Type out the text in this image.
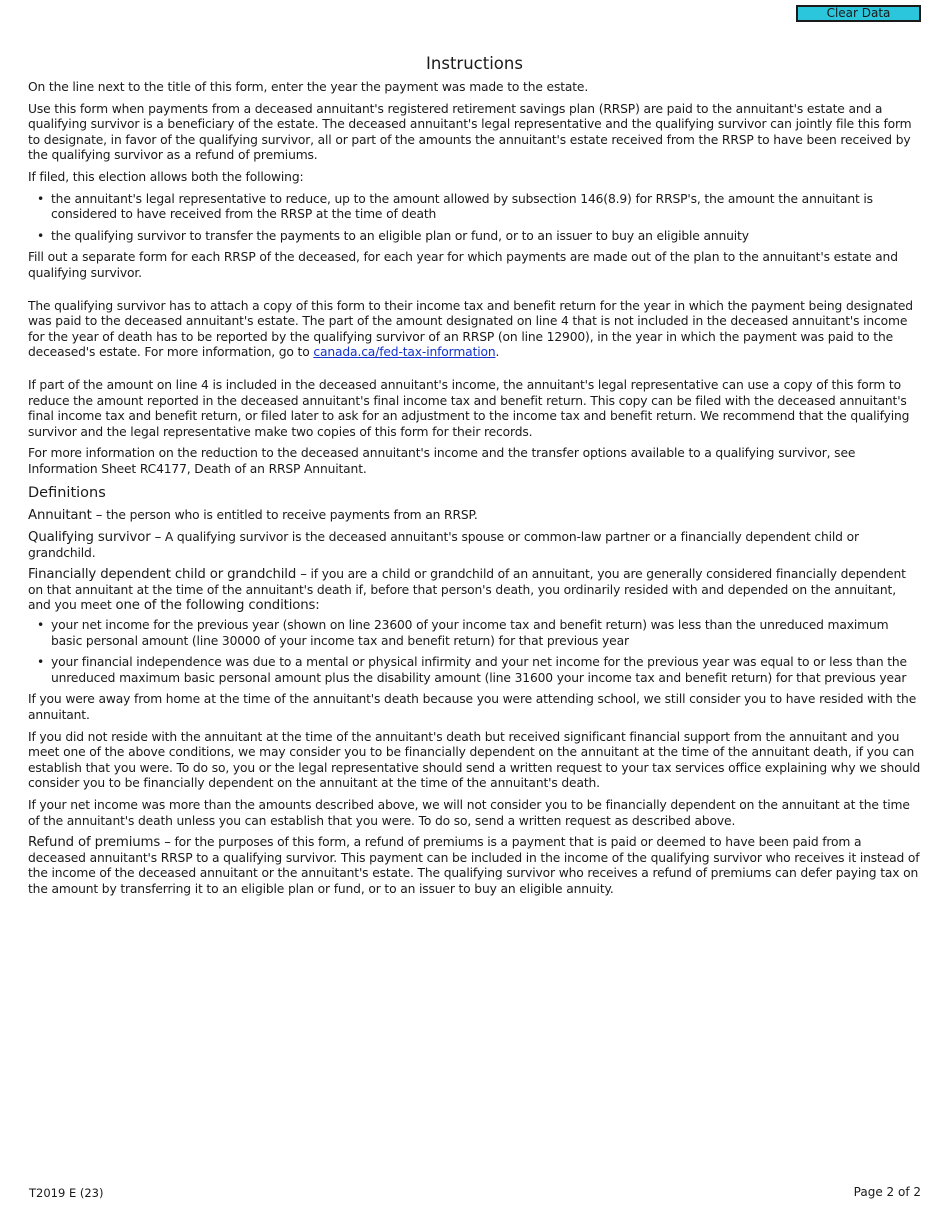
Clear Data
Instructions

On the line next to the title of this form, enter the year the payment was made to the estate.

Use this form when payments from a deceased annuitant's registered retirement savings plan (RRSP) are paid to the annuitant's estate and a qualifying survivor is a beneficiary of the estate. The deceased annuitant's legal representative and the qualifying survivor can jointly file this form to designate, in favor of the qualifying survivor, all or part of the amounts the annuitant's estate received from the RRSP to have been received by the qualifying survivor as a refund of premiums.

If filed, this election allows both the following:

• the annuitant's legal representative to reduce, up to the amount allowed by subsection 146(8.9) for RRSP's, the amount the annuitant is considered to have received from the RRSP at the time of death
• the qualifying survivor to transfer the payments to an eligible plan or fund, or to an issuer to buy an eligible annuity

Fill out a separate form for each RRSP of the deceased, for each year for which payments are made out of the plan to the annuitant's estate and qualifying survivor.

The qualifying survivor has to attach a copy of this form to their income tax and benefit return for the year in which the payment being designated was paid to the deceased annuitant's estate. The part of the amount designated on line 4 that is not included in the deceased annuitant's income for the year of death has to be reported by the qualifying survivor of an RRSP (on line 12900), in the year in which the payment was paid to the deceased's estate. For more information, go to canada.ca/fed-tax-information.

If part of the amount on line 4 is included in the deceased annuitant's income, the annuitant's legal representative can use a copy of this form to reduce the amount reported in the deceased annuitant's final income tax and benefit return. This copy can be filed with the deceased annuitant's final income tax and benefit return, or filed later to ask for an adjustment to the income tax and benefit return. We recommend that the qualifying survivor and the legal representative make two copies of this form for their records.

For more information on the reduction to the deceased annuitant's income and the transfer options available to a qualifying survivor, see Information Sheet RC4177, Death of an RRSP Annuitant.

Definitions

Annuitant – the person who is entitled to receive payments from an RRSP.

Qualifying survivor – A qualifying survivor is the deceased annuitant's spouse or common-law partner or a financially dependent child or grandchild.

Financially dependent child or grandchild – if you are a child or grandchild of an annuitant, you are generally considered financially dependent on that annuitant at the time of the annuitant's death if, before that person's death, you ordinarily resided with and depended on the annuitant, and you meet one of the following conditions:

• your net income for the previous year (shown on line 23600 of your income tax and benefit return) was less than the unreduced maximum basic personal amount (line 30000 of your income tax and benefit return) for that previous year
• your financial independence was due to a mental or physical infirmity and your net income for the previous year was equal to or less than the unreduced maximum basic personal amount plus the disability amount (line 31600 your income tax and benefit return) for that previous year

If you were away from home at the time of the annuitant's death because you were attending school, we still consider you to have resided with the annuitant.

If you did not reside with the annuitant at the time of the annuitant's death but received significant financial support from the annuitant and you meet one of the above conditions, we may consider you to be financially dependent on the annuitant at the time of the annuitant death, if you can establish that you were. To do so, you or the legal representative should send a written request to your tax services office explaining why we should consider you to be financially dependent on the annuitant at the time of the annuitant's death.

If your net income was more than the amounts described above, we will not consider you to be financially dependent on the annuitant at the time of the annuitant's death unless you can establish that you were. To do so, send a written request as described above.

Refund of premiums – for the purposes of this form, a refund of premiums is a payment that is paid or deemed to have been paid from a deceased annuitant's RRSP to a qualifying survivor. This payment can be included in the income of the qualifying survivor who receives it instead of the income of the deceased annuitant or the annuitant's estate. The qualifying survivor who receives a refund of premiums can defer paying tax on the amount by transferring it to an eligible plan or fund, or to an issuer to buy an eligible annuity.

T2019 E (23)	Page 2 of 2
